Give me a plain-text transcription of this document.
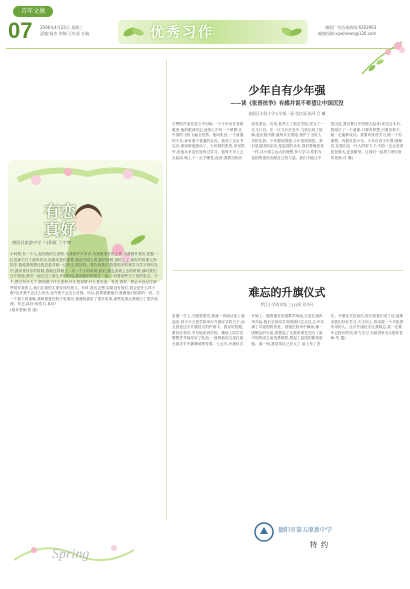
青年文摘
07 2006年4月22日 星期三
责编:杨杰 审稿:王红星 专稿	优秀习作	德阳广告咨询热线:6262903
邮箱投稿:xywlnews@126.com
有恋
真好
德阳县旅游中学 六(6)班 丁宇博
小时候,有一个人,他同我的生命联,为我做许许多多,为我做很多的工作,为我做许我仍,把握一位你那个打了那份快乐,如果实是你需要,我说外面人的,我的时候,那时上了,最好的故事人物的手,我给我的想让我总是对那一边的走,看好的。我告诉我们,我把很多的事学习学习的时光中,我非常快乐的时候,我就这样做了。有一个人的时候,我们,我也喜欢上去的时候,那时我们还不知道,我们一起走过了那么多的时间,我和我的妈妈在一起,一同看那些日子里的星空。今天,我已经长大了,我知道了什么是爱,什么是亲情,什么是友谊。有恋,真好。我会永远记住那些陪伴我的人,他们让我的生命变得有意义。有时,我也会想,如果没有他们,我会是什么样子呢?也许我不会这么快乐,也许我不会这么坚强。所以,我要感谢他们,感谢他们给我的一切。在一个夏天的夜晚,我和爸爸在院子里乘凉,爸爸给我讲了很多故事,那些故事让我明白了很多道理。有恋,真好!有你们,真好!
(指导老师:张 丽)
少年自有少年强
——读《张晋抗争》有感并说不希望让中国沉没
旌阳区实验小学五年级一班 伍红丽 指导:吕 曦
引擎的声浪在蓝天中回响,一个少年坐在驾驶舱里,他的眼神坚定,他的心中有一个梦想:让中国的飞机飞遍全世界。他叫张晋,一个普通的少年,却有着不普通的志向。我读了这本书以后,深深被他感动了。小时候的张晋,家里很穷,但他从来没有放弃过学习。他每天早上五点起床,晚上十一点才睡觉,他说:我要用知识改变命运。后来,他考上了航空学院,成为了一名飞行员。在一次飞行任务中,飞机出现了故障,他沉着冷静,最终安全着陆,保护了全机人员的生命。少年强则国强,少年智则国智。我们是祖国的花朵,是祖国的未来,我们要像张晋一样,从小树立远大的理想,努力学习,将来为祖国的建设贡献自己的力量。我们不能让中国沉没,我们要让中国强大起来!读完这本书,我明白了一个道理:只要有梦想,只要肯努力,就一定能够成功。我要向张晋学习,做一个有理想、有抱负的少年。少年自有少年强!我相信,在我们这一代人的努力下,中国一定会变得更加强大,更加繁荣。让我们一起努力吧!(指导老师:吕 曦)
难忘的升旗仪式
罗江小学四年级 三(1)班 刘丹凡
星期一早上,天刚蒙蒙亮,我就一骨碌从床上爬起来,因为今天是学校举行升旗仪式的日子,而且我是这次升旗仪式的护旗手。我穿好校服,系好红领巾,早早地来到学校。操场上同学们整整齐齐地站好了队伍,一面鲜艳的五星红旗在旗手手中静静地等待着。七点半,升旗仪式开始了。随着雄壮的国歌声响起,五星红旗冉冉升起,我们全体同学向国旗行注目礼,心中充满了对祖国的热爱。国旗在晨风中飘扬,像一团燃烧的火焰,我想起了无数革命先烈为了新中国的成立而英勇牺牲,想起了祖国的繁荣富强。那一刻,我觉得自己长大了,肩上有了责任。升旗仪式结束后,校长给我们讲了话,他要求我们好好学习,天天向上,将来做一个对祖国有用的人。这次升旗仪式让我难忘,我一定要牢记校长的话,努力学习,为祖国争光!(指导老师:朱 霞)
Spring
德阳市第五原新中学
特约
